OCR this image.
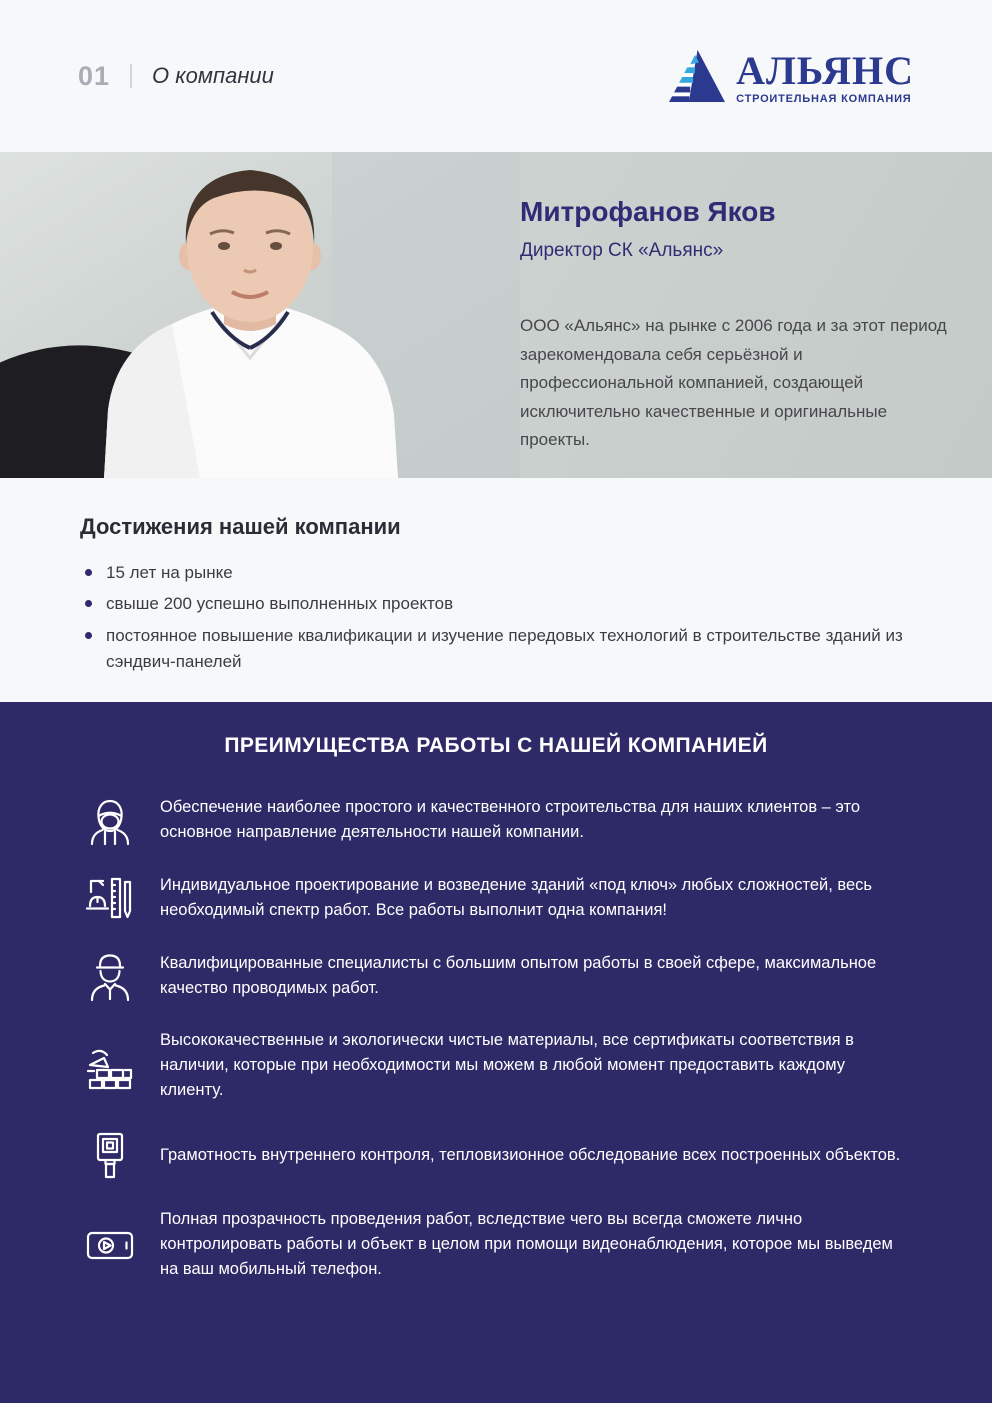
01 О компании	АЛЬЯНС
СТРОИТЕЛЬНАЯ КОМПАНИЯ
Митрофанов Яков
Директор СК «Альянс»

ООО «Альянс» на рынке с 2006 года и за этот период зарекомендовала себя серьёзной и профессиональной компанией, создающей исключительно качественные и оригинальные проекты.

Достижения нашей компании
15 лет на рынке
свыше 200 успешно выполненных проектов
постоянное повышение квалификации и изучение передовых технологий в строительстве зданий из сэндвич-панелей
ПРЕИМУЩЕСТВА РАБОТЫ С НАШЕЙ КОМПАНИЕЙ

Обеспечение наиболее простого и качественного строительства для наших клиентов – это основное направление деятельности нашей компании.

Индивидуальное проектирование и возведение зданий «под ключ» любых сложностей, весь необходимый спектр работ. Все работы выполнит одна компания!

Квалифицированные специалисты с большим опытом работы в своей сфере, максимальное качество проводимых работ.

Высококачественные и экологически чистые материалы, все сертификаты соответствия в наличии, которые при необходимости мы можем в любой момент предоставить каждому клиенту.

Грамотность внутреннего контроля, тепловизионное обследование всех построенных объектов.

Полная прозрачность проведения работ, вследствие чего вы всегда сможете лично контролировать работы и объект в целом при помощи видеонаблюдения, которое мы выведем на ваш мобильный телефон.
